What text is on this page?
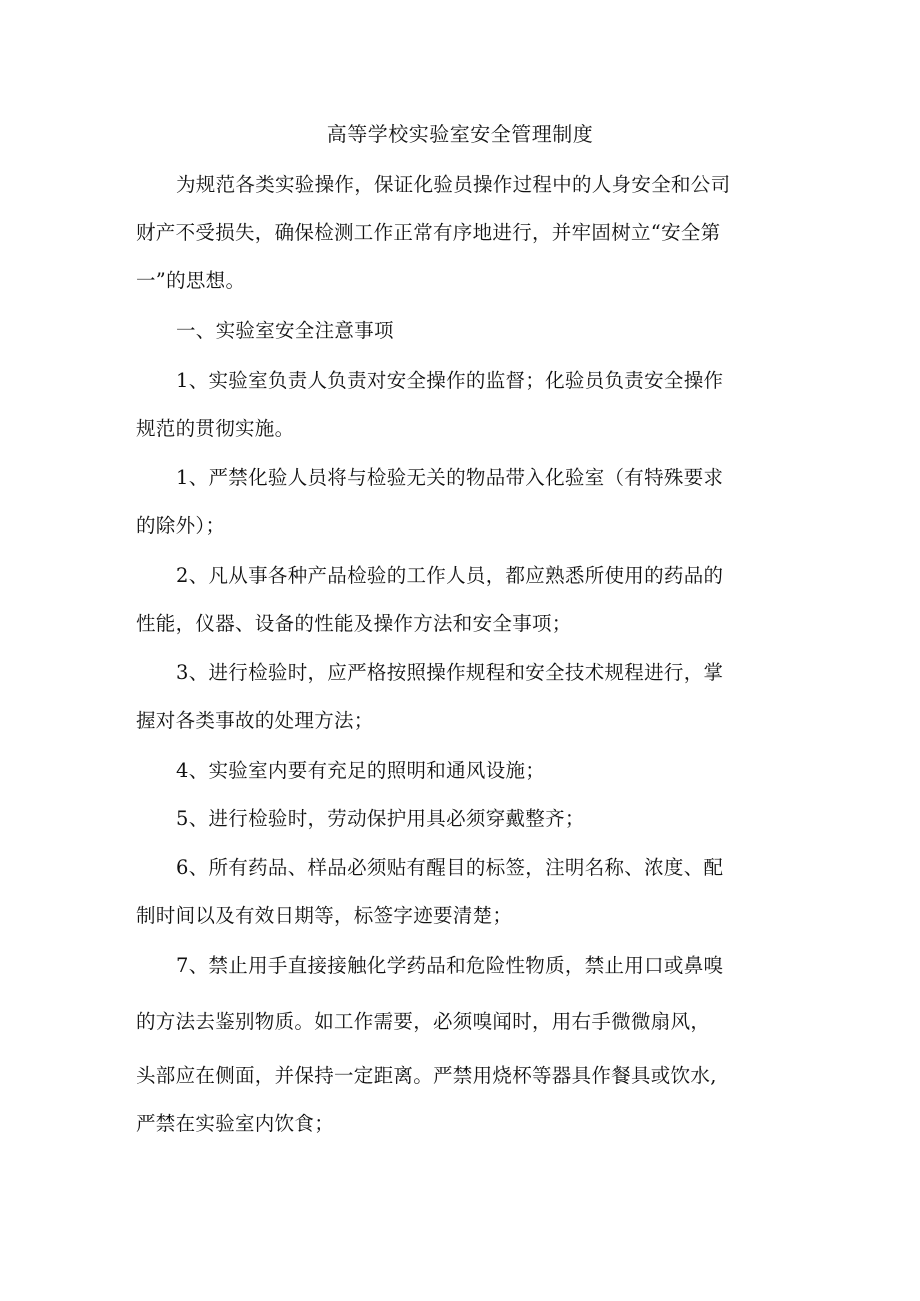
高等学校实验室安全管理制度

为规范各类实验操作，保证化验员操作过程中的人身安全和公司

财产不受损失，确保检测工作正常有序地进行，并牢固树立“安全第

一”的思想。

一、实验室安全注意事项

1、实验室负责人负责对安全操作的监督；化验员负责安全操作

规范的贯彻实施。

1、严禁化验人员将与检验无关的物品带入化验室（有特殊要求

的除外）；

2、凡从事各种产品检验的工作人员，都应熟悉所使用的药品的

性能，仪器、设备的性能及操作方法和安全事项；

3、进行检验时，应严格按照操作规程和安全技术规程进行，掌

握对各类事故的处理方法；

4、实验室内要有充足的照明和通风设施；

5、进行检验时，劳动保护用具必须穿戴整齐；

6、所有药品、样品必须贴有醒目的标签，注明名称、浓度、配

制时间以及有效日期等，标签字迹要清楚；

7、禁止用手直接接触化学药品和危险性物质，禁止用口或鼻嗅

的方法去鉴别物质。如工作需要，必须嗅闻时，用右手微微扇风，

头部应在侧面，并保持一定距离。严禁用烧杯等器具作餐具或饮水,

严禁在实验室内饮食；
